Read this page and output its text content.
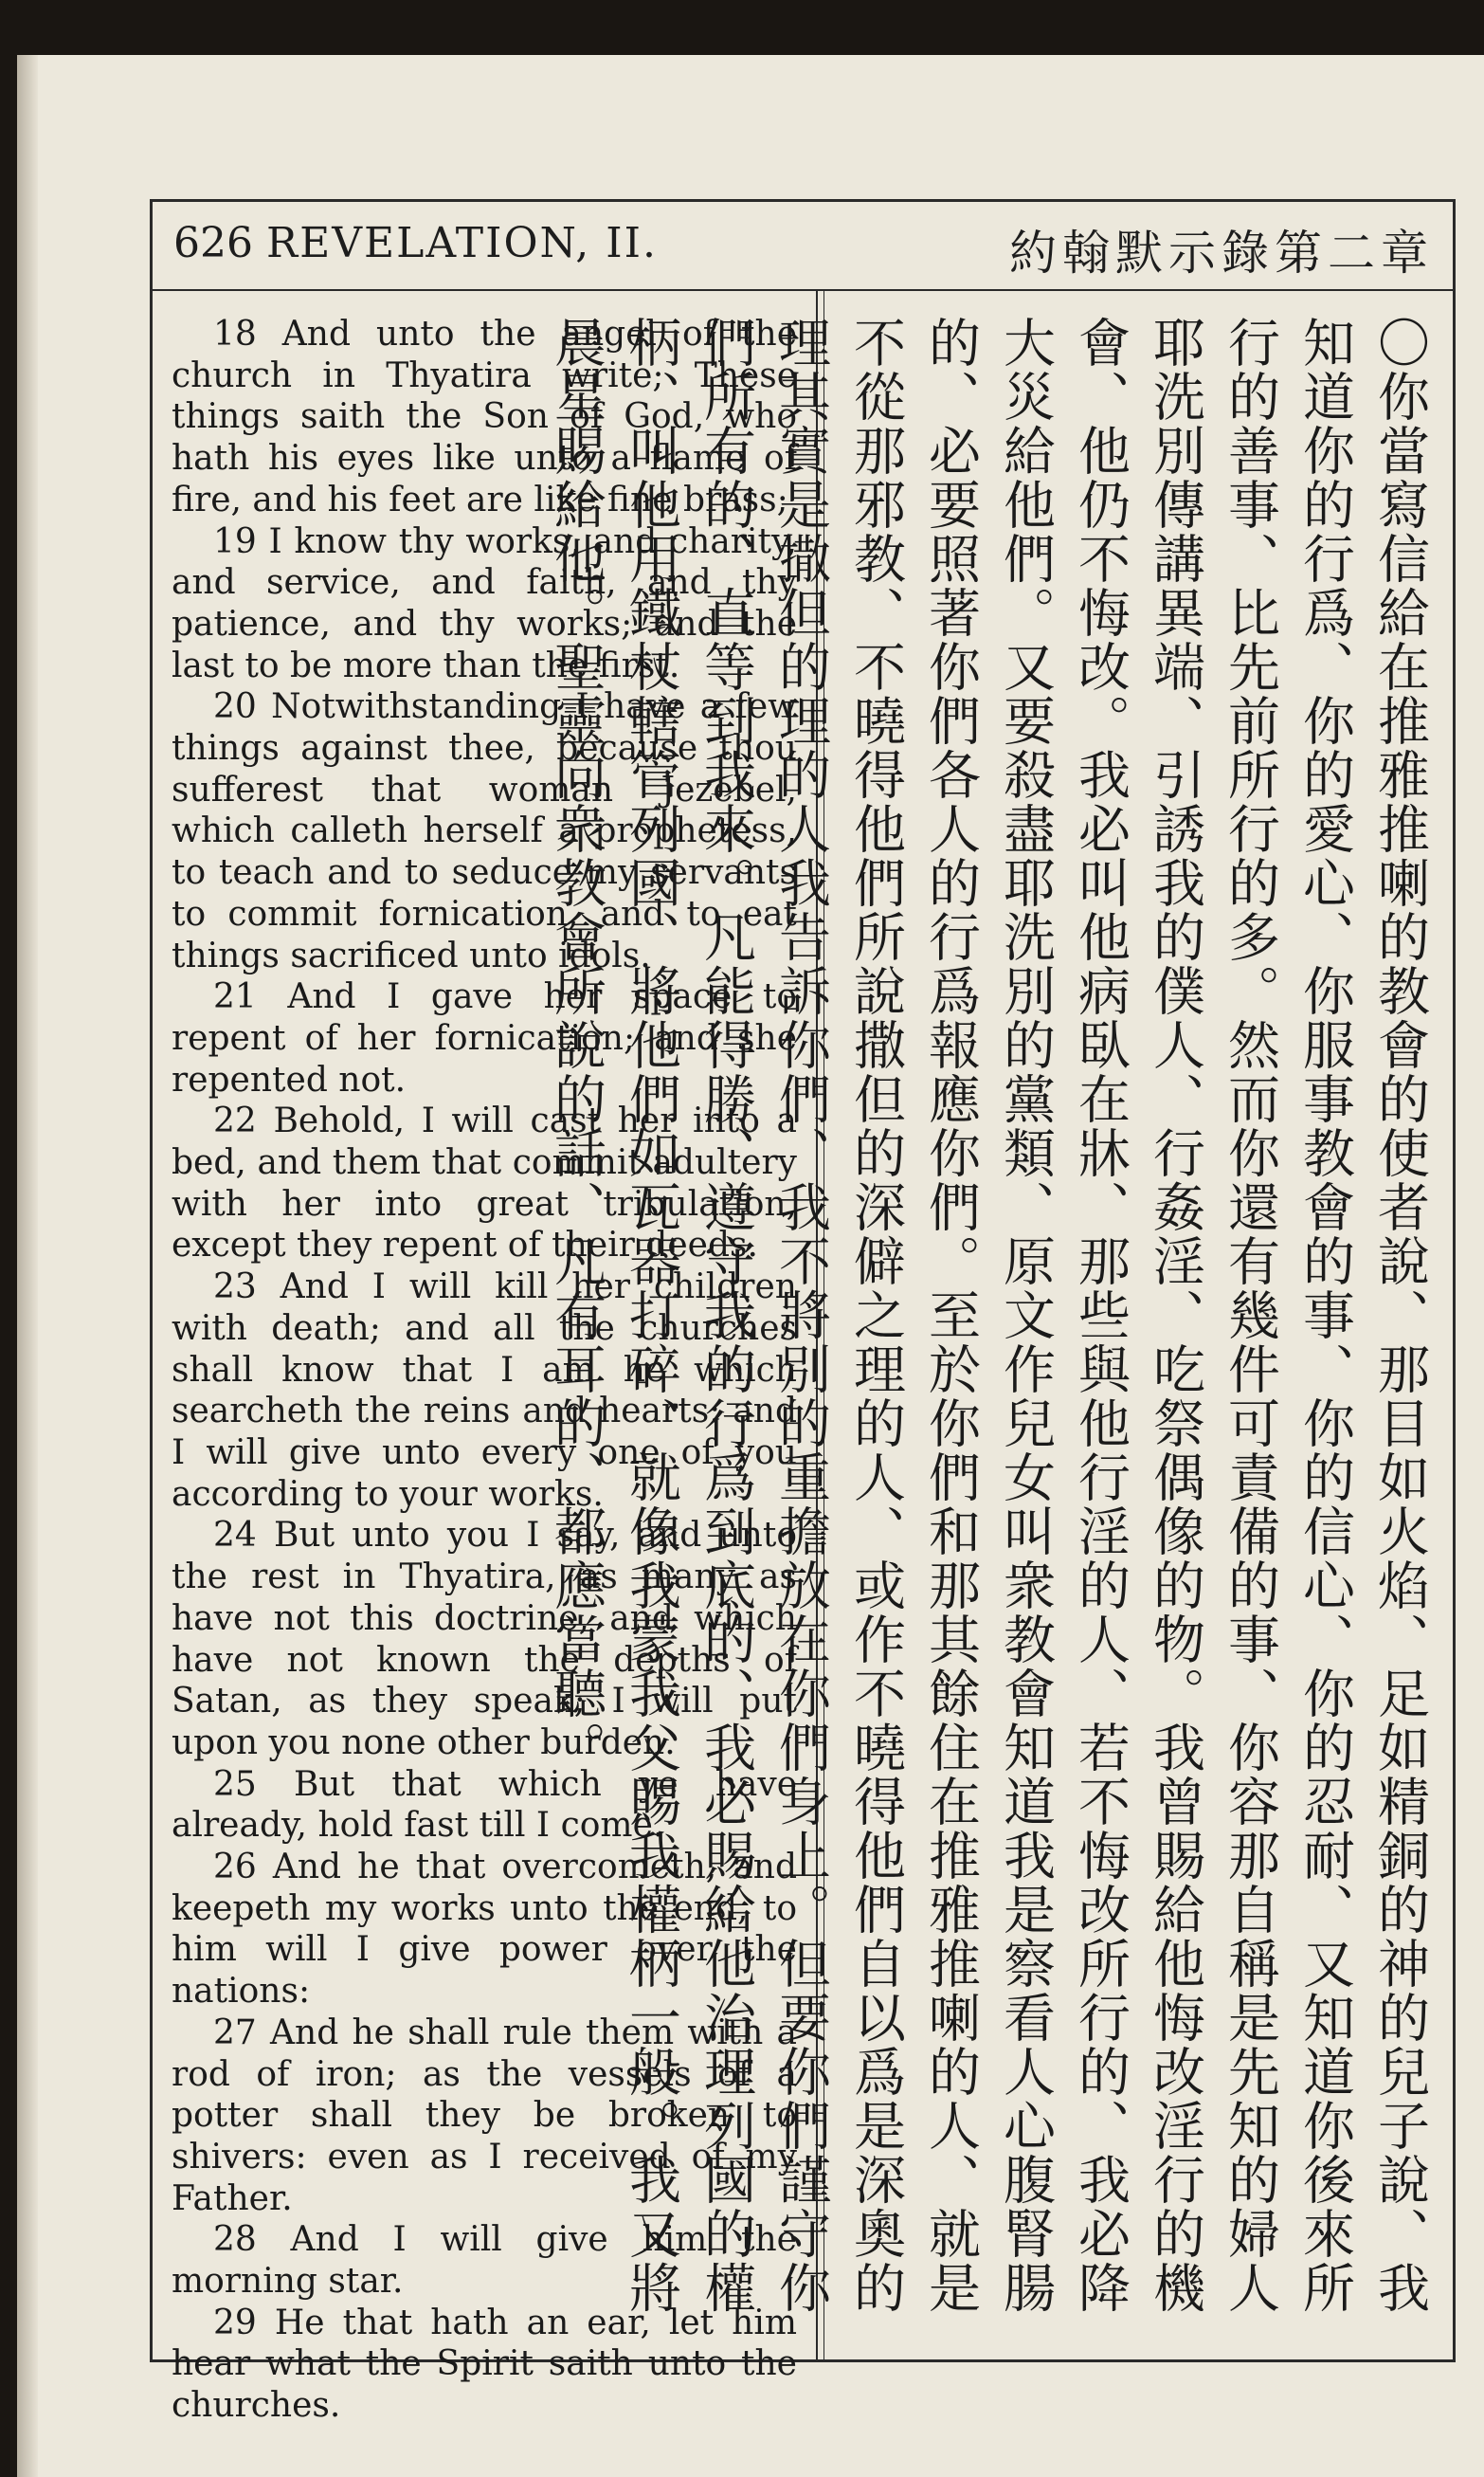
626 REVELATION, II.	約翰默示錄第二章

18 And unto the angel of the church in Thyatira write; These things saith the Son of God, who hath his eyes like unto a flame of fire, and his feet are like fine brass;

19 I know thy works, and charity, and service, and faith, and thy patience, and thy works; and the last to be more than the first.

20 Notwithstanding I have a few things against thee, because thou sufferest that woman Jezebel, which calleth herself a prophetess, to teach and to seduce my servants to commit fornication, and to eat things sacrificed unto idols.

21 And I gave her space to repent of her fornication; and she repented not.

22 Behold, I will cast her into a bed, and them that commit adultery with her into great tribulation, except they repent of their deeds.

23 And I will kill her children with death; and all the churches shall know that I am he which searcheth the reins and hearts: and I will give unto every one of you according to your works.

24 But unto you I say, and unto the rest in Thyatira, as many as have not this doctrine, and which have not known the depths of Satan, as they speak; I will put upon you none other burden.

25 But that which ye have already, hold fast till I come.

26 And he that overcometh, and keepeth my works unto the end, to him will I give power over the nations:

27 And he shall rule them with a rod of iron; as the vessels of a potter shall they be broken to shivers: even as I received of my Father.

28 And I will give him the morning star.

29 He that hath an ear, let him hear what the Spirit saith unto the churches.

〇你當寫信給在推雅推喇的教會的使者說、那目如火焰、足如精銅的神的兒子說、我知道你的行爲、你的愛心、你服事教會的事、你的信心、你的忍耐、又知道你後來所行的善事、比先前所行的多。然而你還有幾件可責備的事、你容那自稱是先知的婦人耶洗別傳講異端、引誘我的僕人、行姦淫、吃祭偶像的物。我曾賜給他悔改淫行的機會、他仍不悔改。我必叫他病臥在牀、那些與他行淫的人、若不悔改所行的、我必降大災給他們。又要殺盡耶洗別的黨類、原文作兒女叫衆教會知道我是察看人心腹腎腸的、必要照著你們各人的行爲報應你們。至於你們和那其餘住在推雅推喇的人、就是不從那邪教、不曉得他們所說撒但的深僻之理的人、或作不曉得他們自以爲是深奧的理其實是撒但的理的人我告訴你們、我不將別的重擔放在你們身上。但要你們謹守你們所有的、直等到我來。凡能得勝、遵守我的行爲到底的、我必賜給他治理列國的權柄、叫他用鐵杖轄管列國、將他們如瓦器打碎、就像我蒙我父賜我權柄一般。我又將晨星賜給他。聖靈向衆教會所說的話、凡有耳的、都應當聽。
